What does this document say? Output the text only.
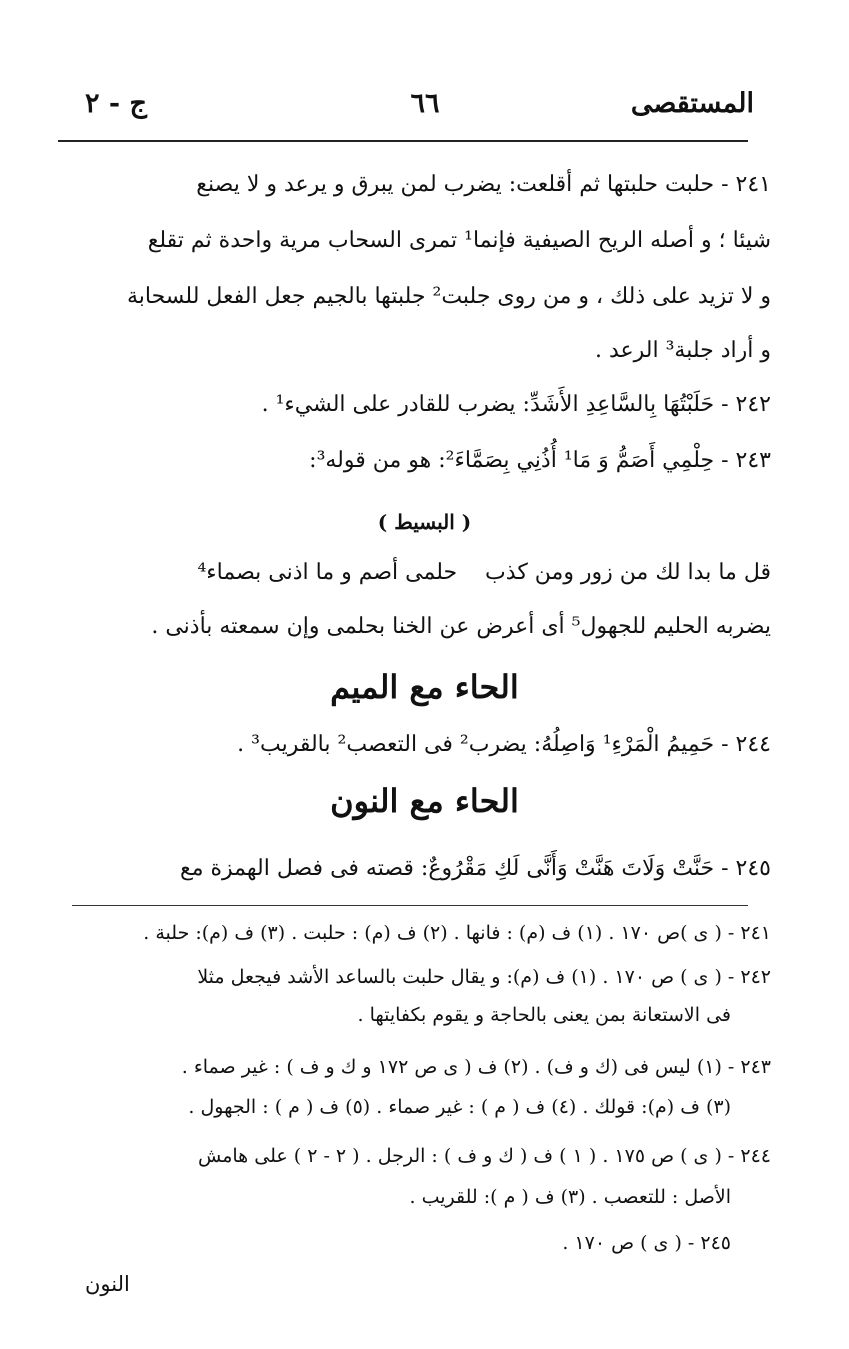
المستقصى
٦٦
ج - ٢
٢٤١ - حلبت حلبتها ثم أقلعت: يضرب لمن يبرق و يرعد و لا يصنع
شيئا ؛ و أصله الريح الصيفية فإنما¹ تمرى السحاب مرية واحدة ثم تقلع
و لا تزيد على ذلك ، و من روى جلبت² جلبتها بالجيم جعل الفعل للسحابة
و أراد جلبة³ الرعد .
٢٤٢ - حَلَبْتُهَا بِالسَّاعِدِ الأَشَدِّ: يضرب للقادر على الشيء¹ .
٢٤٣ - حِلْمِي أَصَمُّ وَ مَا¹ أُذُنِي بِصَمَّاءَ²: هو من قوله³:
( البسيط )
قل ما بدا لك من زور ومن كذب    حلمى أصم و ما اذنى بصماء⁴
يضربه الحليم للجهول⁵ أى أعرض عن الخنا بحلمى وإن سمعته بأذنى .
الحاء مع الميم
٢٤٤ - حَمِيمُ الْمَرْءِ¹ وَاصِلُهُ: يضرب² فى التعصب² بالقريب³ .
الحاء مع النون
٢٤٥ - حَنَّتْ وَلَاتَ هَنَّتْ وَأَنَّى لَكِ مَقْرُوعٌ: قصته فى فصل الهمزة مع
٢٤١ - ( ى )ص ١٧٠ . (١) ف (م) : فانها . (٢) ف (م) : حلبت . (٣) ف (م): حلبة .
٢٤٢ - ( ى ) ص ١٧٠ . (١) ف (م): و يقال حلبت بالساعد الأشد فيجعل مثلا
فى الاستعانة بمن يعنى بالحاجة و يقوم بكفايتها .
٢٤٣ - (١) ليس فى (ك و ف) . (٢) ف ( ى ص ١٧٢ و ك و ف ) : غير صماء .
(٣) ف (م): قولك . (٤) ف ( م ) : غير صماء . (٥) ف ( م ) : الجهول .
٢٤٤ - ( ى ) ص ١٧٥ . ( ١ ) ف ( ك و ف ) : الرجل . ( ٢ - ٢ ) على هامش
الأصل : للتعصب . (٣) ف ( م ): للقريب .
٢٤٥ - ( ى ) ص ١٧٠ .
النون
